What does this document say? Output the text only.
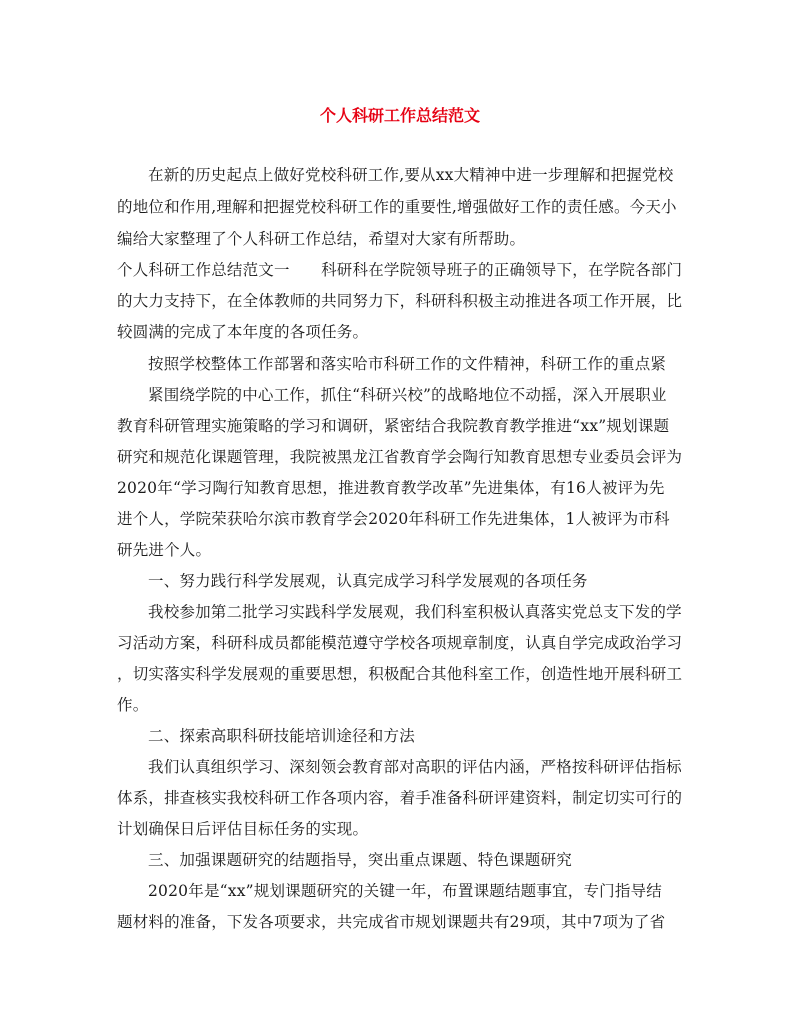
个人科研工作总结范文
在新的历史起点上做好党校科研工作,要从xx大精神中进一步理解和把握党校
的地位和作用,理解和把握党校科研工作的重要性,增强做好工作的责任感。今天小
编给大家整理了个人科研工作总结，希望对大家有所帮助。
个人科研工作总结范文一　　科研科在学院领导班子的正确领导下，在学院各部门
的大力支持下，在全体教师的共同努力下，科研科积极主动推进各项工作开展，比
较圆满的完成了本年度的各项任务。
按照学校整体工作部署和落实哈市科研工作的文件精神，科研工作的重点紧
紧围绕学院的中心工作，抓住“科研兴校”的战略地位不动摇，深入开展职业
教育科研管理实施策略的学习和调研，紧密结合我院教育教学推进“xx”规划课题
研究和规范化课题管理，我院被黑龙江省教育学会陶行知教育思想专业委员会评为
2020年“学习陶行知教育思想，推进教育教学改革”先进集体，有16人被评为先
进个人，学院荣获哈尔滨市教育学会2020年科研工作先进集体，1人被评为市科
研先进个人。
一、努力践行科学发展观，认真完成学习科学发展观的各项任务
我校参加第二批学习实践科学发展观，我们科室积极认真落实党总支下发的学
习活动方案，科研科成员都能模范遵守学校各项规章制度，认真自学完成政治学习
，切实落实科学发展观的重要思想，积极配合其他科室工作，创造性地开展科研工
作。
二、探索高职科研技能培训途径和方法
我们认真组织学习、深刻领会教育部对高职的评估内涵，严格按科研评估指标
体系，排查核实我校科研工作各项内容，着手准备科研评建资料，制定切实可行的
计划确保日后评估目标任务的实现。
三、加强课题研究的结题指导，突出重点课题、特色课题研究
2020年是“xx”规划课题研究的关键一年，布置课题结题事宜，专门指导结
题材料的准备，下发各项要求，共完成省市规划课题共有29项，其中7项为了省
